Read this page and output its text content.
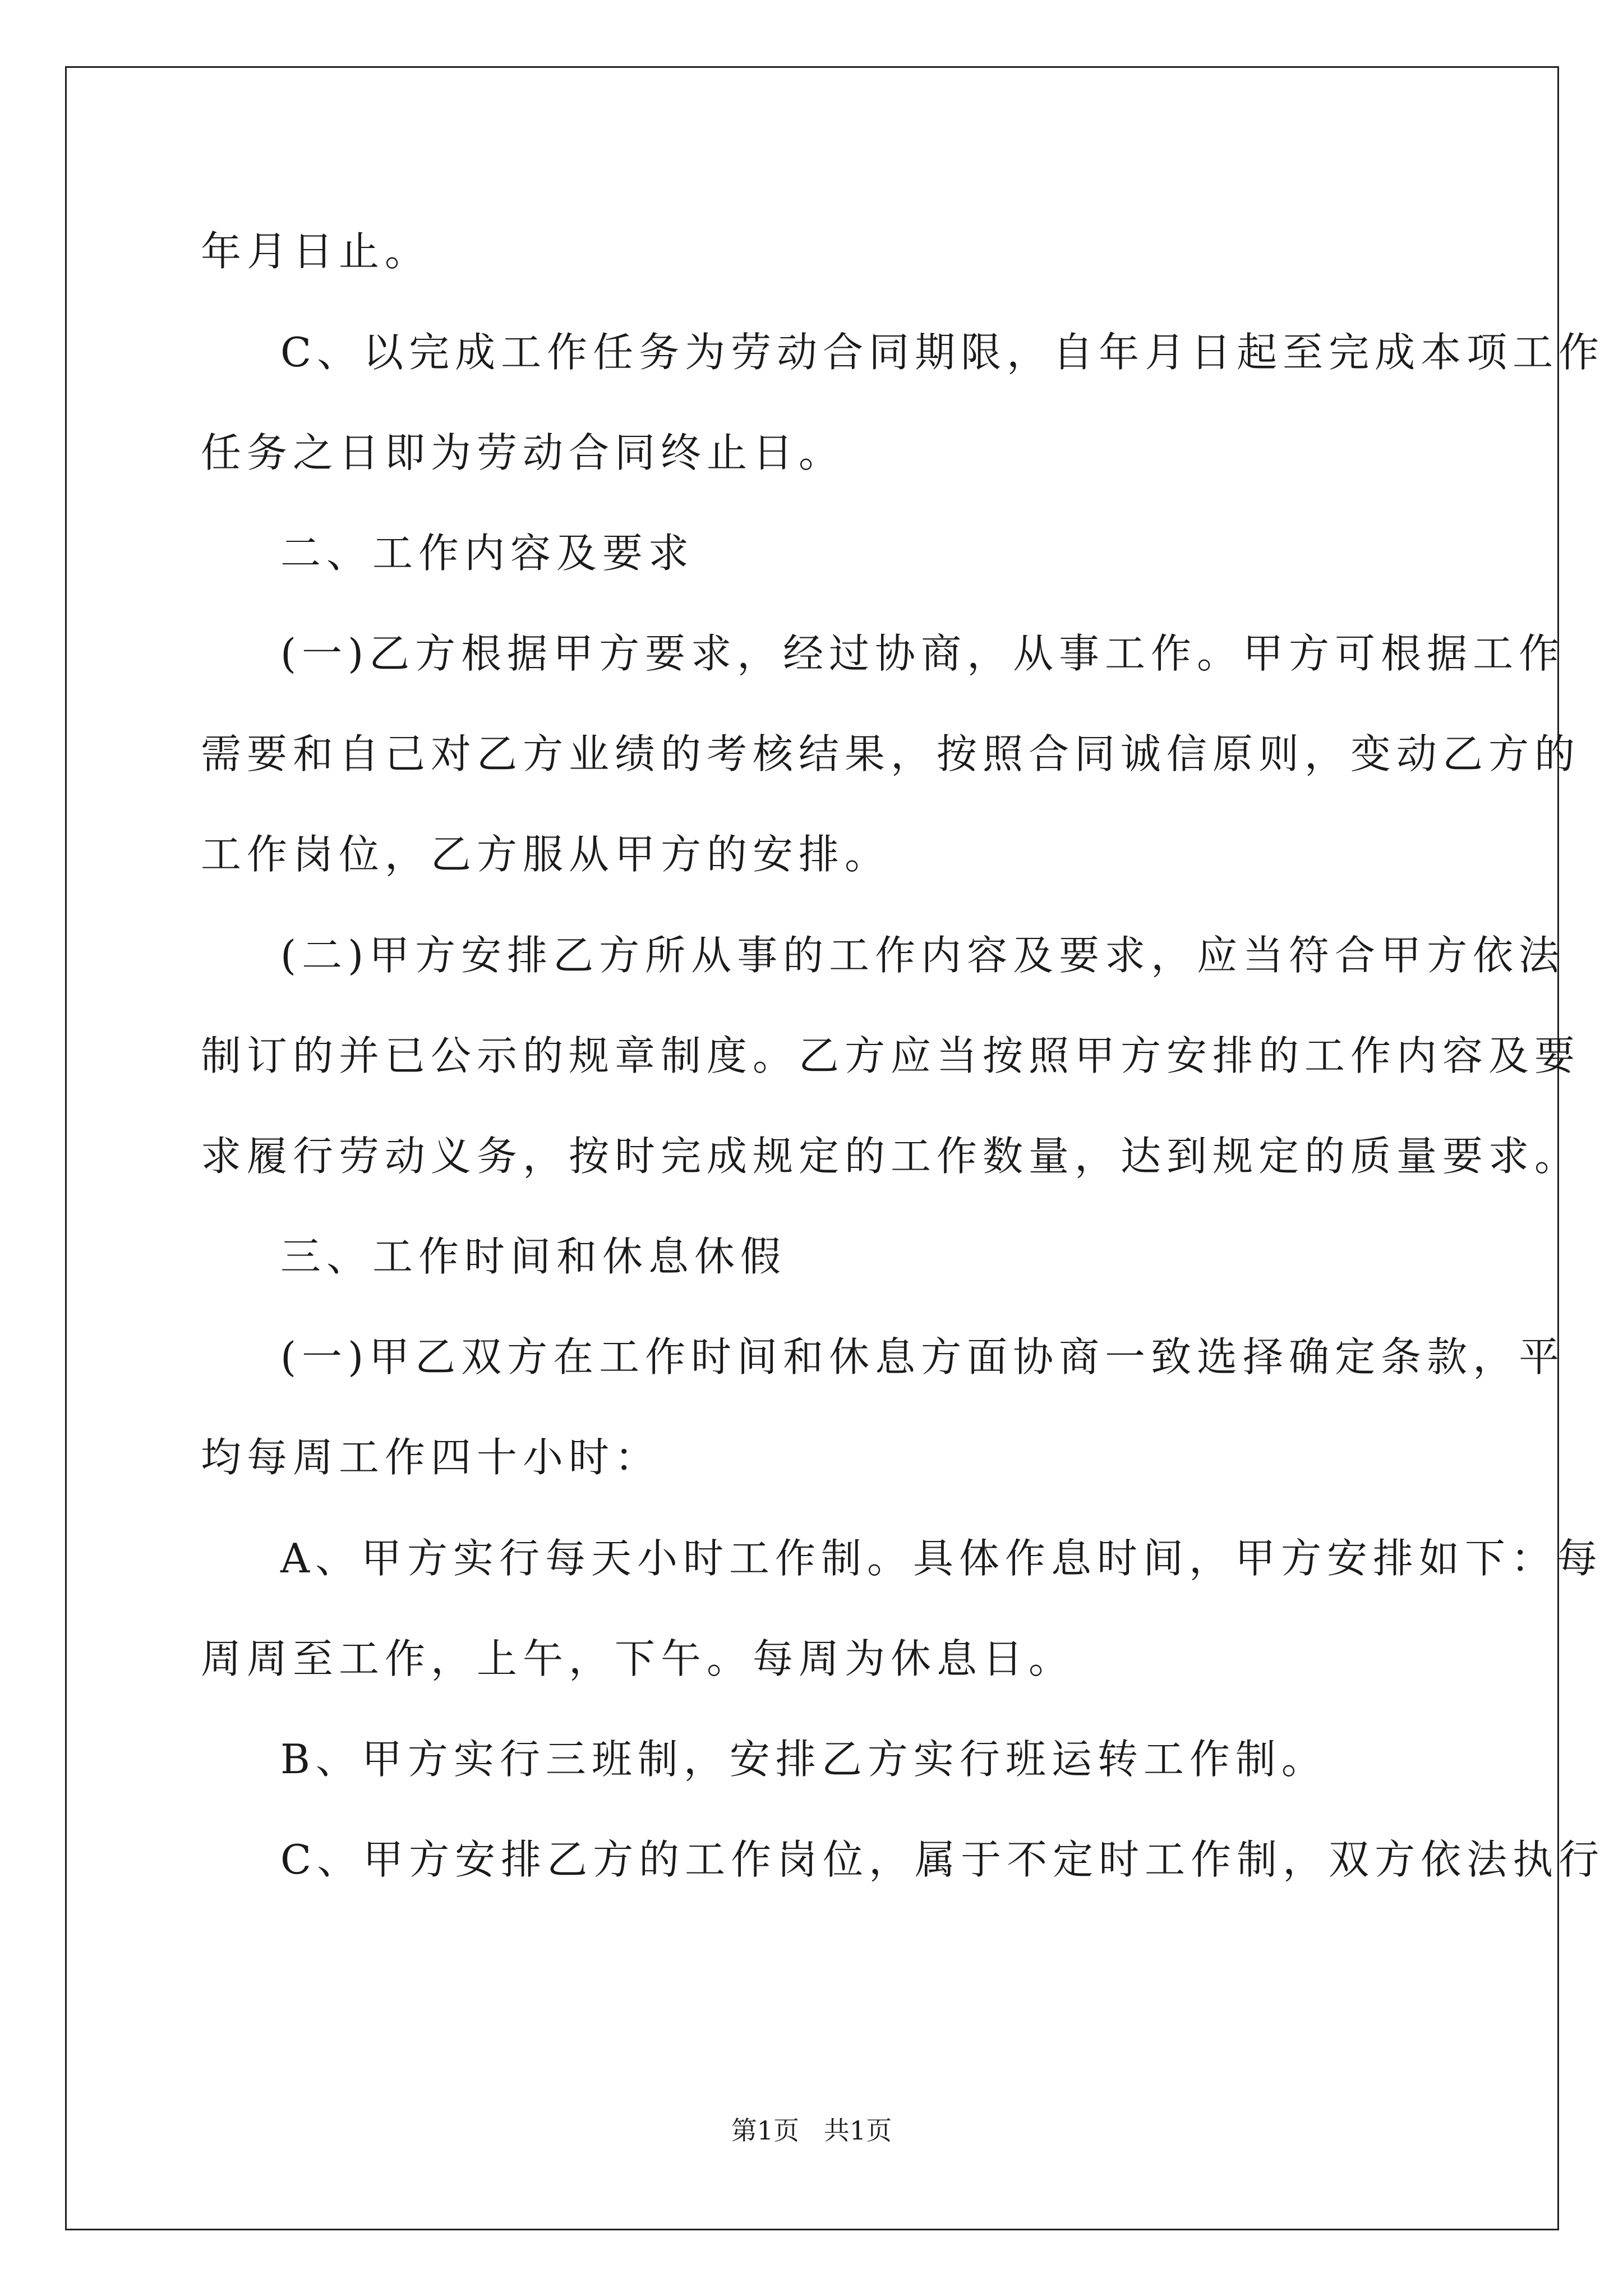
年月日止。

C、以完成工作任务为劳动合同期限，自年月日起至完成本项工作

任务之日即为劳动合同终止日。

二、工作内容及要求

(一)乙方根据甲方要求，经过协商，从事工作。甲方可根据工作

需要和自己对乙方业绩的考核结果，按照合同诚信原则，变动乙方的

工作岗位，乙方服从甲方的安排。

(二)甲方安排乙方所从事的工作内容及要求，应当符合甲方依法

制订的并已公示的规章制度。乙方应当按照甲方安排的工作内容及要

求履行劳动义务，按时完成规定的工作数量，达到规定的质量要求。

三、工作时间和休息休假

(一)甲乙双方在工作时间和休息方面协商一致选择确定条款，平

均每周工作四十小时：

A、甲方实行每天小时工作制。具体作息时间，甲方安排如下：每

周周至工作，上午，下午。每周为休息日。

B、甲方实行三班制，安排乙方实行班运转工作制。

C、甲方安排乙方的工作岗位，属于不定时工作制，双方依法执行

第1页   共1页
